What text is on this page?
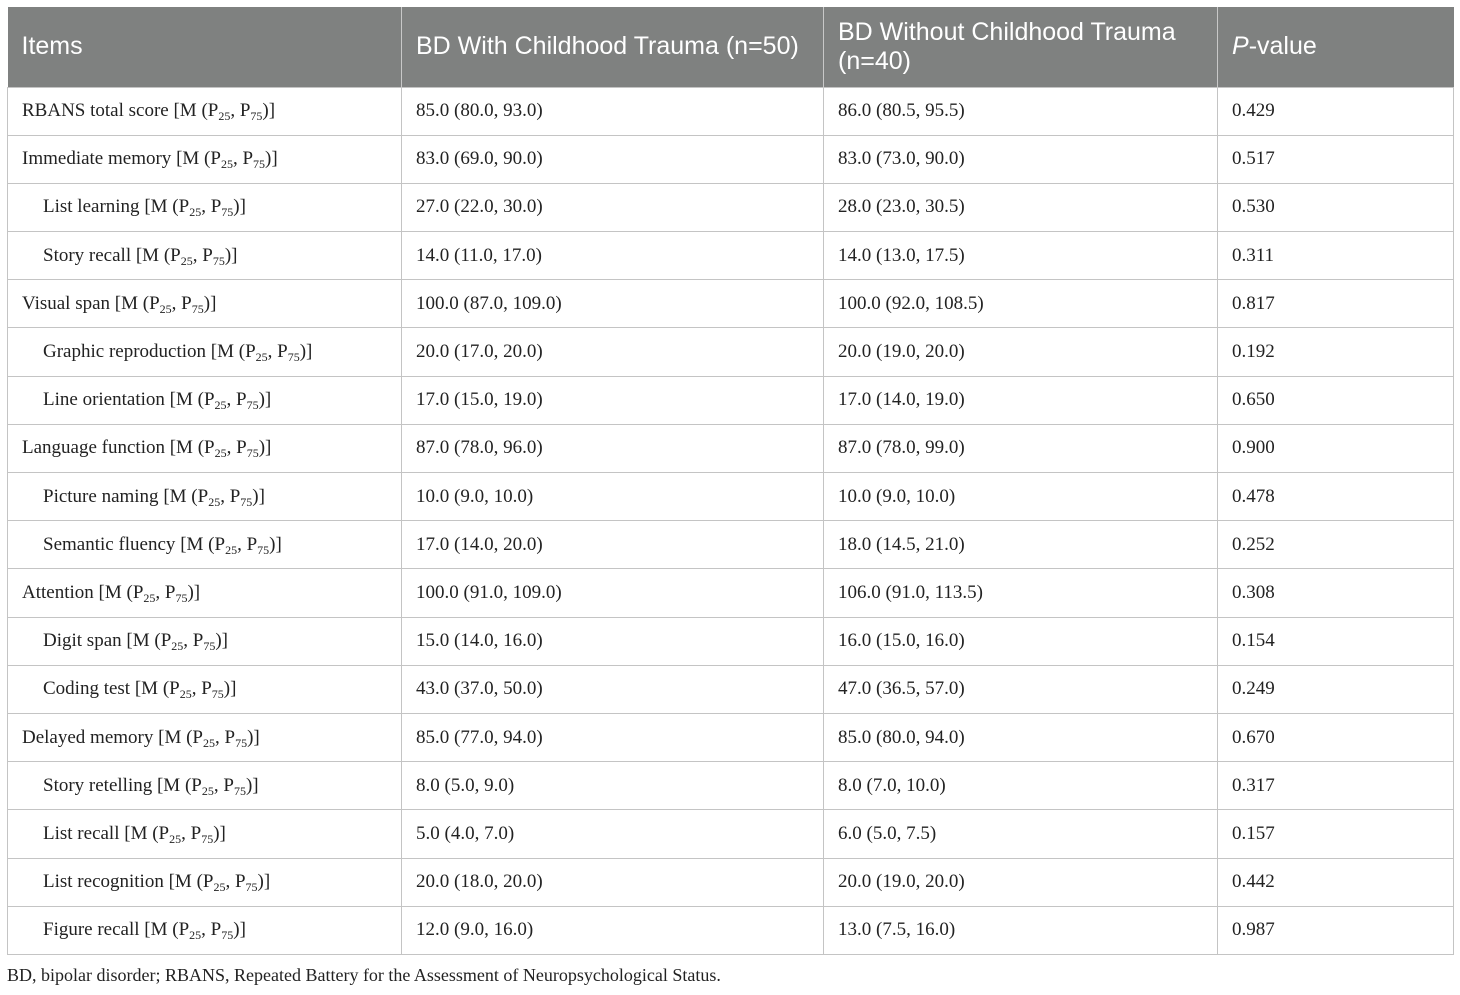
Items	BD With Childhood Trauma (n=50)	BD Without Childhood Trauma (n=40)	P-value
RBANS total score [M ($P_{25}$, $P_{75}$)]	85.0 (80.0, 93.0)	86.0 (80.5, 95.5)	0.429
Immediate memory [M ($P_{25}$, $P_{75}$)]	83.0 (69.0, 90.0)	83.0 (73.0, 90.0)	0.517
List learning [M ($P_{25}$, $P_{75}$)]	27.0 (22.0, 30.0)	28.0 (23.0, 30.5)	0.530
Story recall [M ($P_{25}$, $P_{75}$)]	14.0 (11.0, 17.0)	14.0 (13.0, 17.5)	0.311
Visual span [M ($P_{25}$, $P_{75}$)]	100.0 (87.0, 109.0)	100.0 (92.0, 108.5)	0.817
Graphic reproduction [M ($P_{25}$, $P_{75}$)]	20.0 (17.0, 20.0)	20.0 (19.0, 20.0)	0.192
Line orientation [M ($P_{25}$, $P_{75}$)]	17.0 (15.0, 19.0)	17.0 (14.0, 19.0)	0.650
Language function [M ($P_{25}$, $P_{75}$)]	87.0 (78.0, 96.0)	87.0 (78.0, 99.0)	0.900
Picture naming [M ($P_{25}$, $P_{75}$)]	10.0 (9.0, 10.0)	10.0 (9.0, 10.0)	0.478
Semantic fluency [M ($P_{25}$, $P_{75}$)]	17.0 (14.0, 20.0)	18.0 (14.5, 21.0)	0.252
Attention [M ($P_{25}$, $P_{75}$)]	100.0 (91.0, 109.0)	106.0 (91.0, 113.5)	0.308
Digit span [M ($P_{25}$, $P_{75}$)]	15.0 (14.0, 16.0)	16.0 (15.0, 16.0)	0.154
Coding test [M ($P_{25}$, $P_{75}$)]	43.0 (37.0, 50.0)	47.0 (36.5, 57.0)	0.249
Delayed memory [M ($P_{25}$, $P_{75}$)]	85.0 (77.0, 94.0)	85.0 (80.0, 94.0)	0.670
Story retelling [M ($P_{25}$, $P_{75}$)]	8.0 (5.0, 9.0)	8.0 (7.0, 10.0)	0.317
List recall [M ($P_{25}$, $P_{75}$)]	5.0 (4.0, 7.0)	6.0 (5.0, 7.5)	0.157
List recognition [M ($P_{25}$, $P_{75}$)]	20.0 (18.0, 20.0)	20.0 (19.0, 20.0)	0.442
Figure recall [M ($P_{25}$, $P_{75}$)]	12.0 (9.0, 16.0)	13.0 (7.5, 16.0)	0.987
BD, bipolar disorder; RBANS, Repeated Battery for the Assessment of Neuropsychological Status.
